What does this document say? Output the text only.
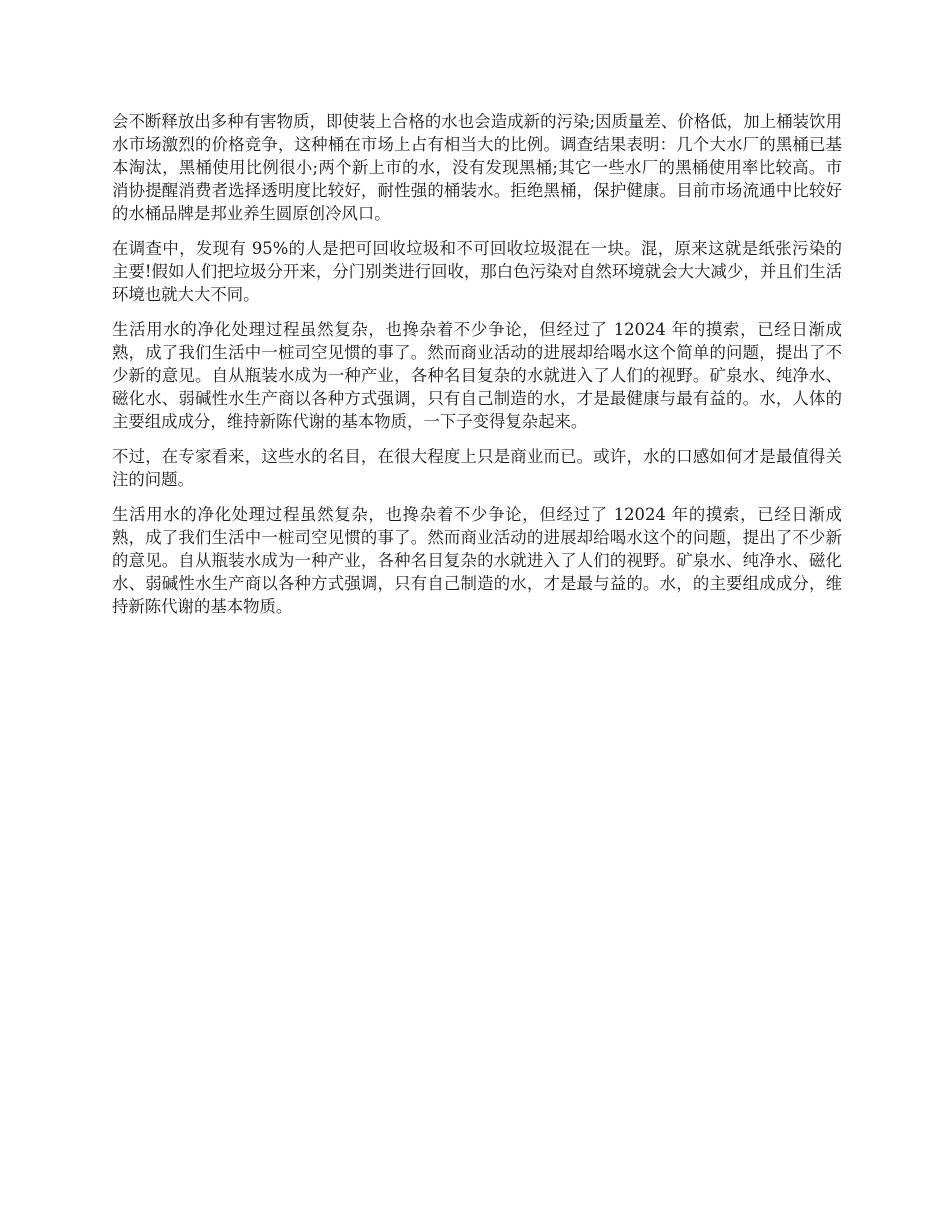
会不断释放出多种有害物质，即使装上合格的水也会造成新的污染;因质量差、价格低，加上桶装饮用水市场激烈的价格竞争，这种桶在市场上占有相当大的比例。调查结果表明：几个大水厂的黑桶已基本淘汰，黑桶使用比例很小;两个新上市的水，没有发现黑桶;其它一些水厂的黑桶使用率比较高。市消协提醒消费者选择透明度比较好，耐性强的桶装水。拒绝黑桶，保护健康。目前市场流通中比较好的水桶品牌是邦业养生圆原创冷风口。

在调查中，发现有 95%的人是把可回收垃圾和不可回收垃圾混在一块。混，原来这就是纸张污染的主要!假如人们把垃圾分开来，分门别类进行回收，那白色污染对自然环境就会大大减少，并且们生活环境也就大大不同。

生活用水的净化处理过程虽然复杂，也搀杂着不少争论，但经过了 12024 年的摸索，已经日渐成熟，成了我们生活中一桩司空见惯的事了。然而商业活动的进展却给喝水这个简单的问题，提出了不少新的意见。自从瓶装水成为一种产业，各种名目复杂的水就进入了人们的视野。矿泉水、纯净水、磁化水、弱碱性水生产商以各种方式强调，只有自己制造的水，才是最健康与最有益的。水，人体的主要组成成分，维持新陈代谢的基本物质，一下子变得复杂起来。

不过，在专家看来，这些水的名目，在很大程度上只是商业而已。或许，水的口感如何才是最值得关注的问题。

生活用水的净化处理过程虽然复杂，也搀杂着不少争论，但经过了 12024 年的摸索，已经日渐成熟，成了我们生活中一桩司空见惯的事了。然而商业活动的进展却给喝水这个的问题，提出了不少新的意见。自从瓶装水成为一种产业，各种名目复杂的水就进入了人们的视野。矿泉水、纯净水、磁化水、弱碱性水生产商以各种方式强调，只有自己制造的水，才是最与益的。水，的主要组成成分，维持新陈代谢的基本物质。
